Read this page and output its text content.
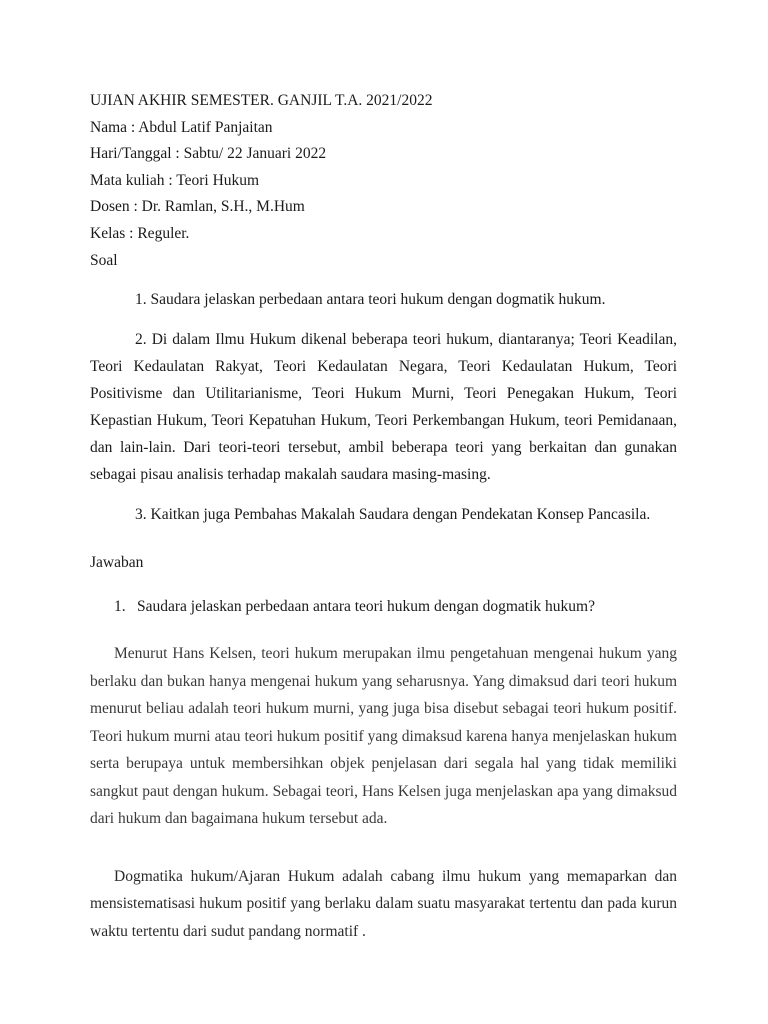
UJIAN AKHIR SEMESTER. GANJIL T.A. 2021/2022

Nama : Abdul Latif Panjaitan

Hari/Tanggal : Sabtu/ 22 Januari 2022

Mata kuliah : Teori Hukum

Dosen : Dr. Ramlan, S.H., M.Hum

Kelas : Reguler.

Soal

1. Saudara jelaskan perbedaan antara teori hukum dengan dogmatik hukum.

2. Di dalam Ilmu Hukum dikenal beberapa teori hukum, diantaranya; Teori Keadilan, Teori Kedaulatan Rakyat, Teori Kedaulatan Negara, Teori Kedaulatan Hukum, Teori Positivisme dan Utilitarianisme, Teori Hukum Murni, Teori Penegakan Hukum, Teori Kepastian Hukum, Teori Kepatuhan Hukum, Teori Perkembangan Hukum, teori Pemidanaan, dan lain-lain. Dari teori-teori tersebut, ambil beberapa teori yang berkaitan dan gunakan sebagai pisau analisis terhadap makalah saudara masing-masing.

3. Kaitkan juga Pembahas Makalah Saudara dengan Pendekatan Konsep Pancasila.

Jawaban

1. Saudara jelaskan perbedaan antara teori hukum dengan dogmatik hukum?

Menurut Hans Kelsen, teori hukum merupakan ilmu pengetahuan mengenai hukum yang berlaku dan bukan hanya mengenai hukum yang seharusnya. Yang dimaksud dari teori hukum menurut beliau adalah teori hukum murni, yang juga bisa disebut sebagai teori hukum positif. Teori hukum murni atau teori hukum positif yang dimaksud karena hanya menjelaskan hukum serta berupaya untuk membersihkan objek penjelasan dari segala hal yang tidak memiliki sangkut paut dengan hukum. Sebagai teori, Hans Kelsen juga menjelaskan apa yang dimaksud dari hukum dan bagaimana hukum tersebut ada.

Dogmatika hukum/Ajaran Hukum adalah cabang ilmu hukum yang memaparkan dan mensistematisasi hukum positif yang berlaku dalam suatu masyarakat tertentu dan pada kurun waktu tertentu dari sudut pandang normatif .
